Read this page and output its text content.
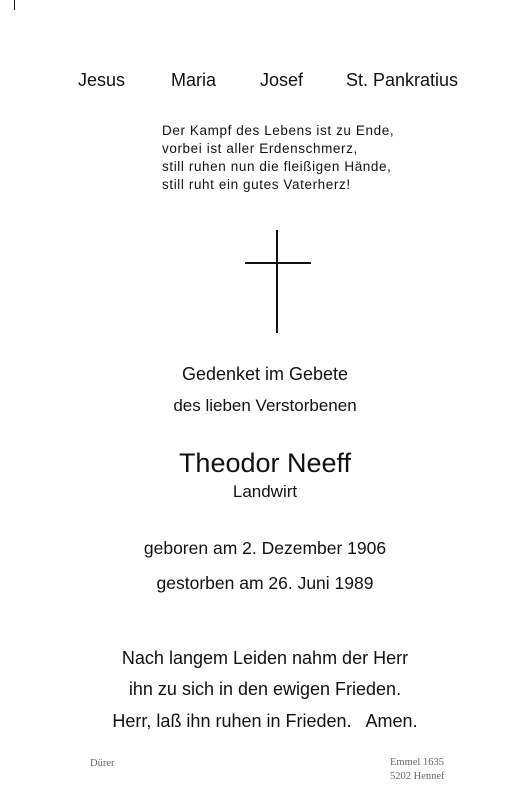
Jesus	Maria Josef St. Pankratius
Der Kampf des Lebens ist zu Ende,
vorbei ist aller Erdenschmerz,
still ruhen nun die fleißigen Hände,
still ruht ein gutes Vaterherz!
Gedenket im Gebete
des lieben Verstorbenen
Theodor Neeff
Landwirt
geboren am 2. Dezember 1906
gestorben am 26. Juni 1989
Nach langem Leiden nahm der Herr
ihn zu sich in den ewigen Frieden.
Herr, laß ihn ruhen in Frieden.   Amen.
Dürer	Emmel 1635
5202 Hennef
